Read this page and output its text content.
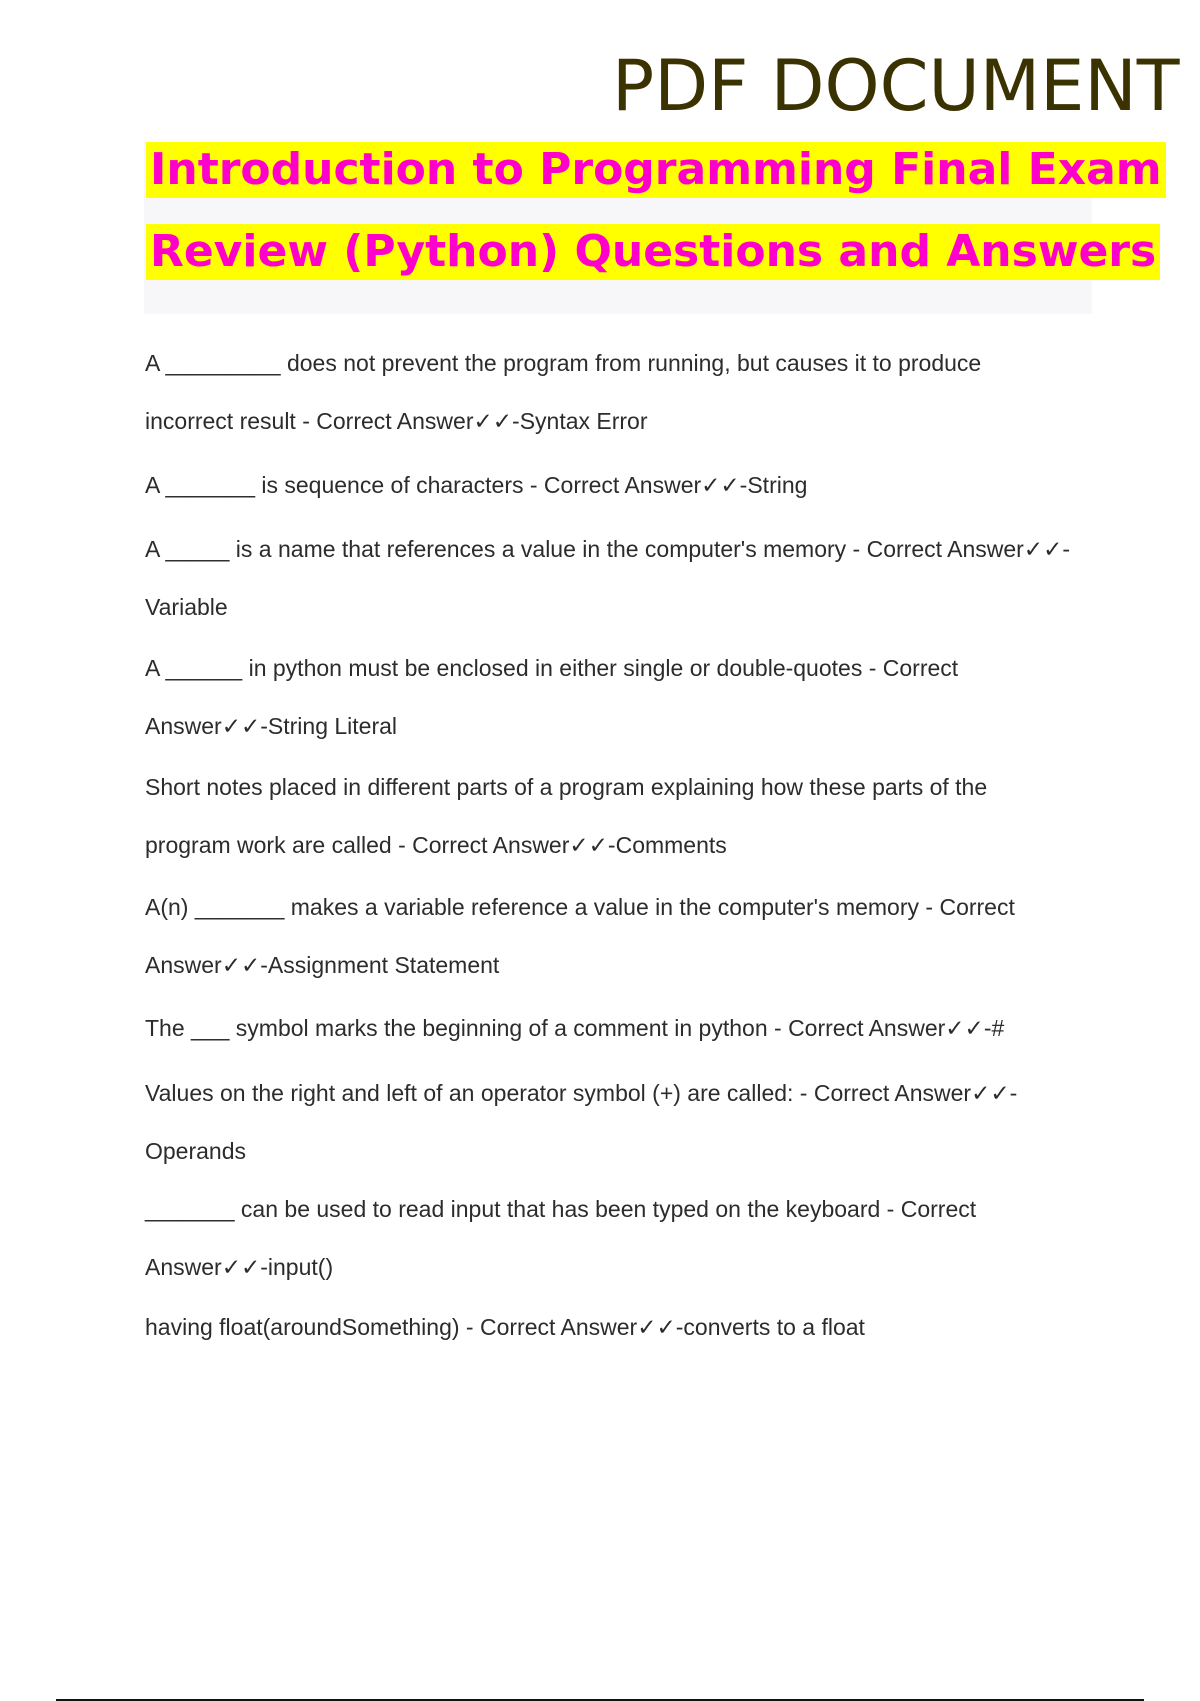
PDF DOCUMENT
Introduction to Programming Final Exam
Review (Python) Questions and Answers
A _________ does not prevent the program from running, but causes it to produce incorrect result - Correct Answer✓✓-Syntax Error
A _______ is sequence of characters - Correct Answer✓✓-String
A _____ is a name that references a value in the computer's memory - Correct Answer✓✓-Variable
A ______ in python must be enclosed in either single or double-quotes - Correct Answer✓✓-String Literal
Short notes placed in different parts of a program explaining how these parts of the program work are called - Correct Answer✓✓-Comments
A(n) _______ makes a variable reference a value in the computer's memory - Correct Answer✓✓-Assignment Statement
The ___ symbol marks the beginning of a comment in python - Correct Answer✓✓-#
Values on the right and left of an operator symbol (+) are called: - Correct Answer✓✓-Operands
_______ can be used to read input that has been typed on the keyboard - Correct Answer✓✓-input()
having float(aroundSomething) - Correct Answer✓✓-converts to a float
